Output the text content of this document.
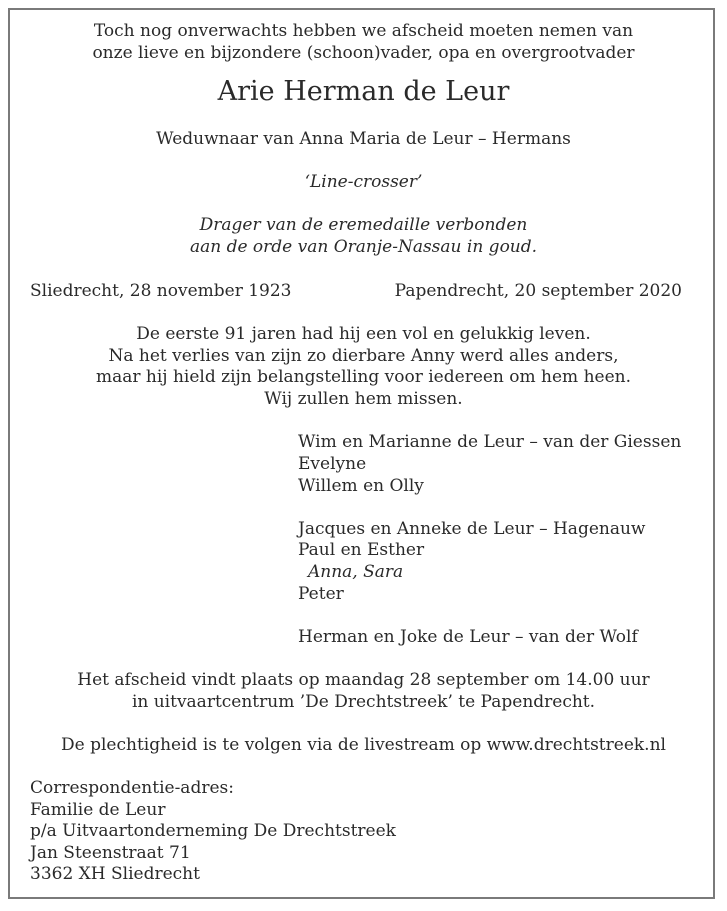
Toch nog onverwachts hebben we afscheid moeten nemen van

onze lieve en bijzondere (schoon)vader, opa en overgrootvader

Arie Herman de Leur

Weduwnaar van Anna Maria de Leur – Hermans

‘Line-crosser’

Drager van de eremedaille verbonden

aan de orde van Oranje-Nassau in goud.

Sliedrecht, 28 november 1923	Papendrecht, 20 september 2020

De eerste 91 jaren had hij een vol en gelukkig leven.

Na het verlies van zijn zo dierbare Anny werd alles anders,

maar hij hield zijn belangstelling voor iedereen om hem heen.

Wij zullen hem missen.

Wim en Marianne de Leur – van der Giessen

Evelyne

Willem en Olly

Jacques en Anneke de Leur – Hagenauw

Paul en Esther

Anna, Sara

Peter

Herman en Joke de Leur – van der Wolf

Het afscheid vindt plaats op maandag 28 september om 14.00 uur

in uitvaartcentrum ’De Drechtstreek’ te Papendrecht.

De plechtigheid is te volgen via de livestream op www.drechtstreek.nl

Correspondentie-adres:

Familie de Leur

p/a Uitvaartonderneming De Drechtstreek

Jan Steenstraat 71

3362 XH Sliedrecht
